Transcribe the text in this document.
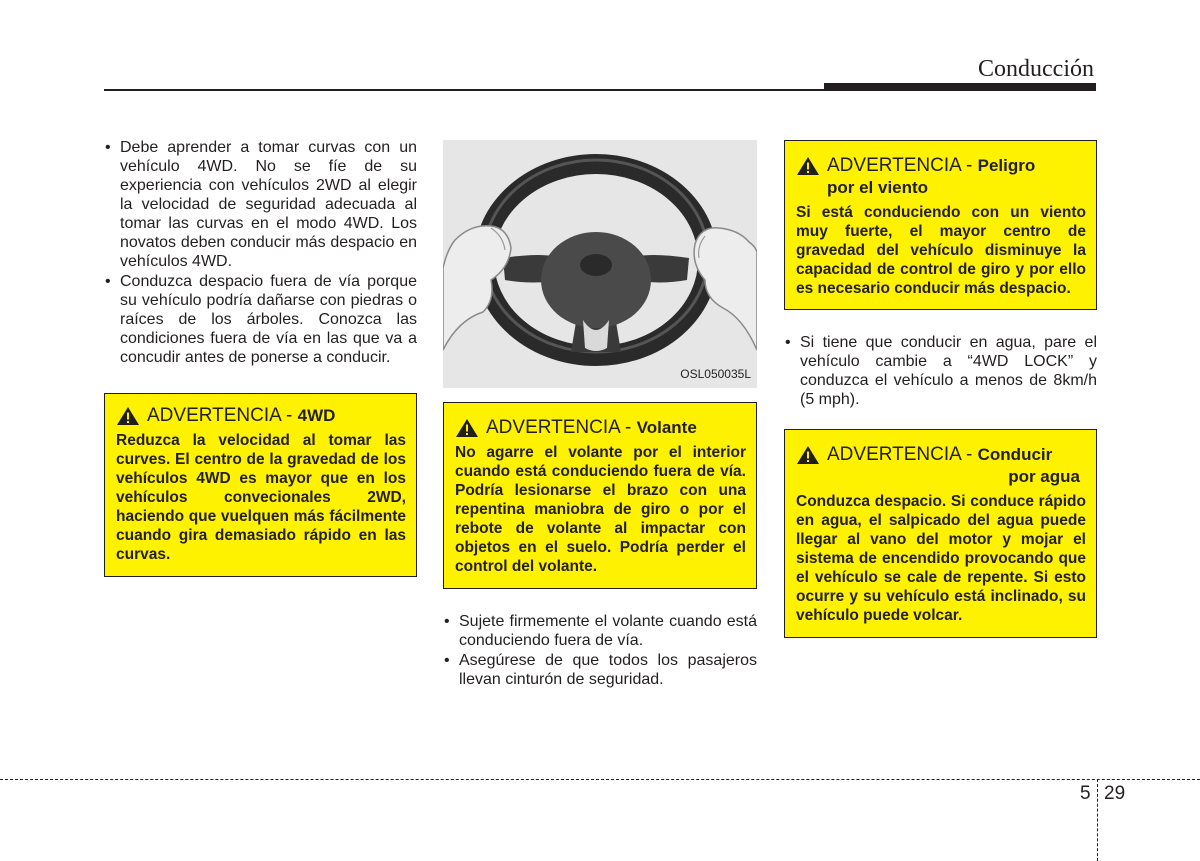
Conducción
• Debe aprender a tomar curvas con un vehículo 4WD. No se fíe de su experiencia con vehículos 2WD al elegir la velocidad de seguridad adecuada al tomar las curvas en el modo 4WD. Los novatos deben conducir más despacio en vehículos 4WD.
• Conduzca despacio fuera de vía porque su vehículo podría dañarse con piedras o raíces de los árboles. Conozca las condiciones fuera de vía en las que va a concudir antes de ponerse a conducir.
ADVERTENCIA - 4WD
Reduzca la velocidad al tomar las curves. El centro de la gravedad de los vehículos 4WD es mayor que en los vehículos convecionales 2WD, haciendo que vuelquen más fácilmente cuando gira demasiado rápido en las curvas.
OSL050035L
ADVERTENCIA - Volante
No agarre el volante por el interior cuando está conduciendo fuera de vía. Podría lesionarse el brazo con una repentina maniobra de giro o por el rebote de volante al impactar con objetos en el suelo. Podría perder el control del volante.
• Sujete firmemente el volante cuando está conduciendo fuera de vía.
• Asegúrese de que todos los pasajeros llevan cinturón de seguridad.
ADVERTENCIA - Peligro
por el viento
Si está conduciendo con un viento muy fuerte, el mayor centro de gravedad del vehículo disminuye la capacidad de control de giro y por ello es necesario conducir más despacio.
• Si tiene que conducir en agua, pare el vehículo cambie a “4WD LOCK” y conduzca el vehículo a menos de 8km/h (5 mph).
ADVERTENCIA - Conducir

por agua
Conduzca despacio. Si conduce rápido en agua, el salpicado del agua puede llegar al vano del motor y mojar el sistema de encendido provocando que el vehículo se cale de repente. Si esto ocurre y su vehículo está inclinado, su vehículo puede volcar.
5 29
